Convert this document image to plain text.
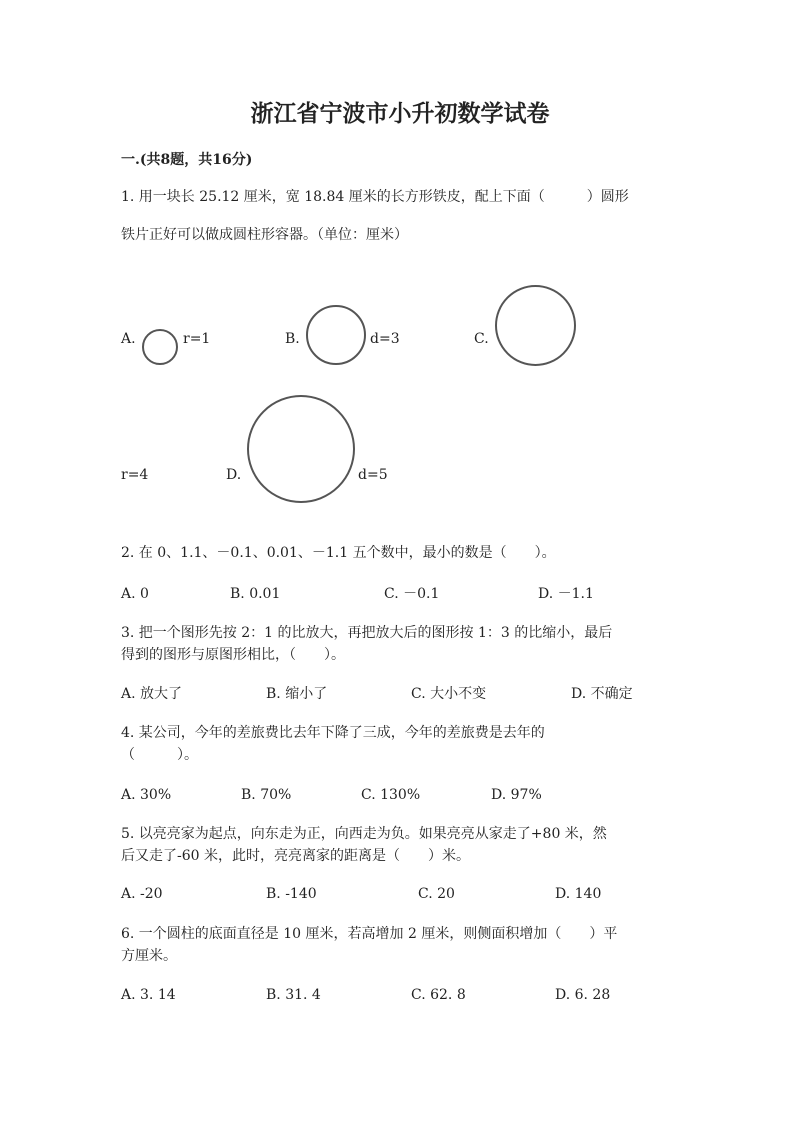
浙江省宁波市小升初数学试卷
一.(共8题，共16分)
1. 用一块长 25.12 厘米，宽 18.84 厘米的长方形铁皮，配上下面（　　　）圆形
铁片正好可以做成圆柱形容器。（单位：厘米）
A.	r=1	B.	d=3	C.
r=4	D.	d=5
2. 在 0、1.1、－0.1、0.01、－1.1 五个数中，最小的数是（　　）。
A. 0	B. 0.01	C. －0.1	D. －1.1
3. 把一个图形先按 2：1 的比放大，再把放大后的图形按 1：3 的比缩小，最后
得到的图形与原图形相比，（　　）。
A. 放大了	B. 缩小了	C. 大小不变	D. 不确定
4. 某公司，今年的差旅费比去年下降了三成，今年的差旅费是去年的
（　　　）。
A. 30%	B. 70%	C. 130%	D. 97%
5. 以亮亮家为起点，向东走为正，向西走为负。如果亮亮从家走了+80 米，然
后又走了-60 米，此时，亮亮离家的距离是（　　）米。
A. -20	B. -140	C. 20	D. 140
6. 一个圆柱的底面直径是 10 厘米，若高增加 2 厘米，则侧面积增加（　　）平
方厘米。
A. 3. 14	B. 31. 4	C. 62. 8	D. 6. 28
